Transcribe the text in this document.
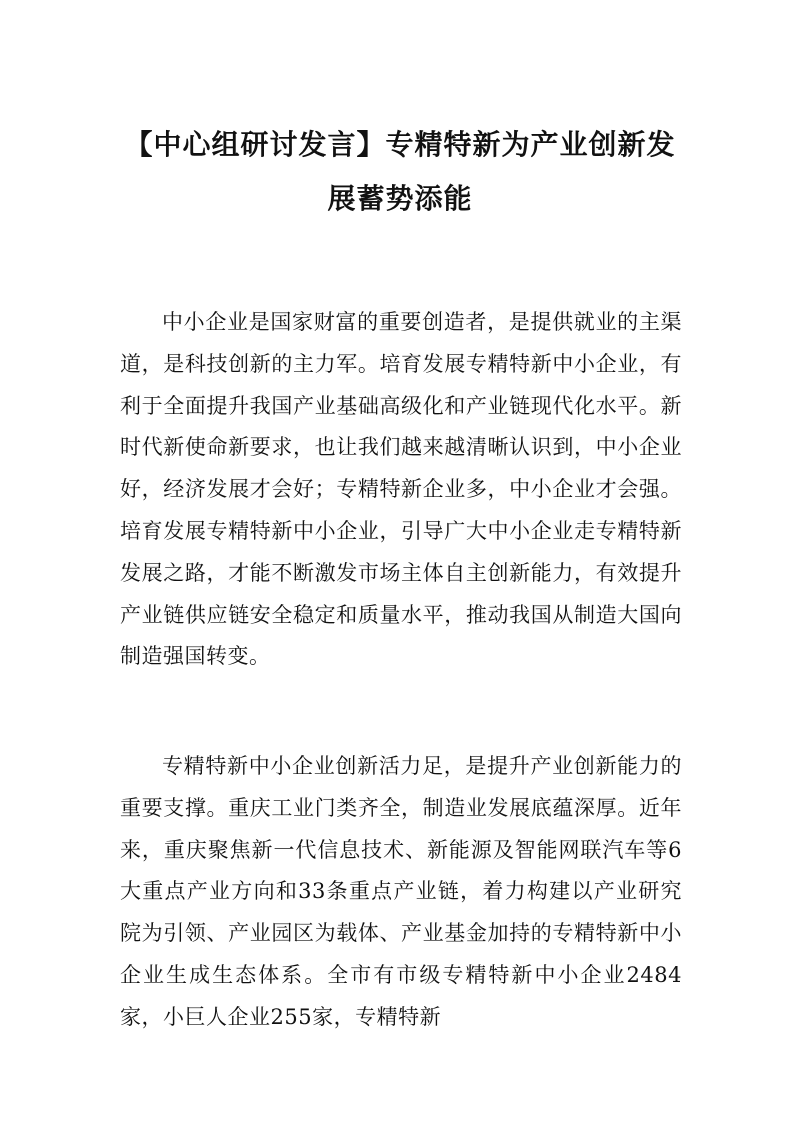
【中心组研讨发言】专精特新为产业创新发
展蓄势添能

中小企业是国家财富的重要创造者，是提供就业的主渠道，是科技创新的主力军。培育发展专精特新中小企业，有利于全面提升我国产业基础高级化和产业链现代化水平。新时代新使命新要求，也让我们越来越清晰认识到，中小企业好，经济发展才会好；专精特新企业多，中小企业才会强。培育发展专精特新中小企业，引导广大中小企业走专精特新发展之路，才能不断激发市场主体自主创新能力，有效提升产业链供应链安全稳定和质量水平，推动我国从制造大国向制造强国转变。

专精特新中小企业创新活力足，是提升产业创新能力的重要支撑。重庆工业门类齐全，制造业发展底蕴深厚。近年来，重庆聚焦新一代信息技术、新能源及智能网联汽车等6大重点产业方向和33条重点产业链，着力构建以产业研究院为引领、产业园区为载体、产业基金加持的专精特新中小企业生成生态体系。全市有市级专精特新中小企业2484家，小巨人企业255家，专精特新
